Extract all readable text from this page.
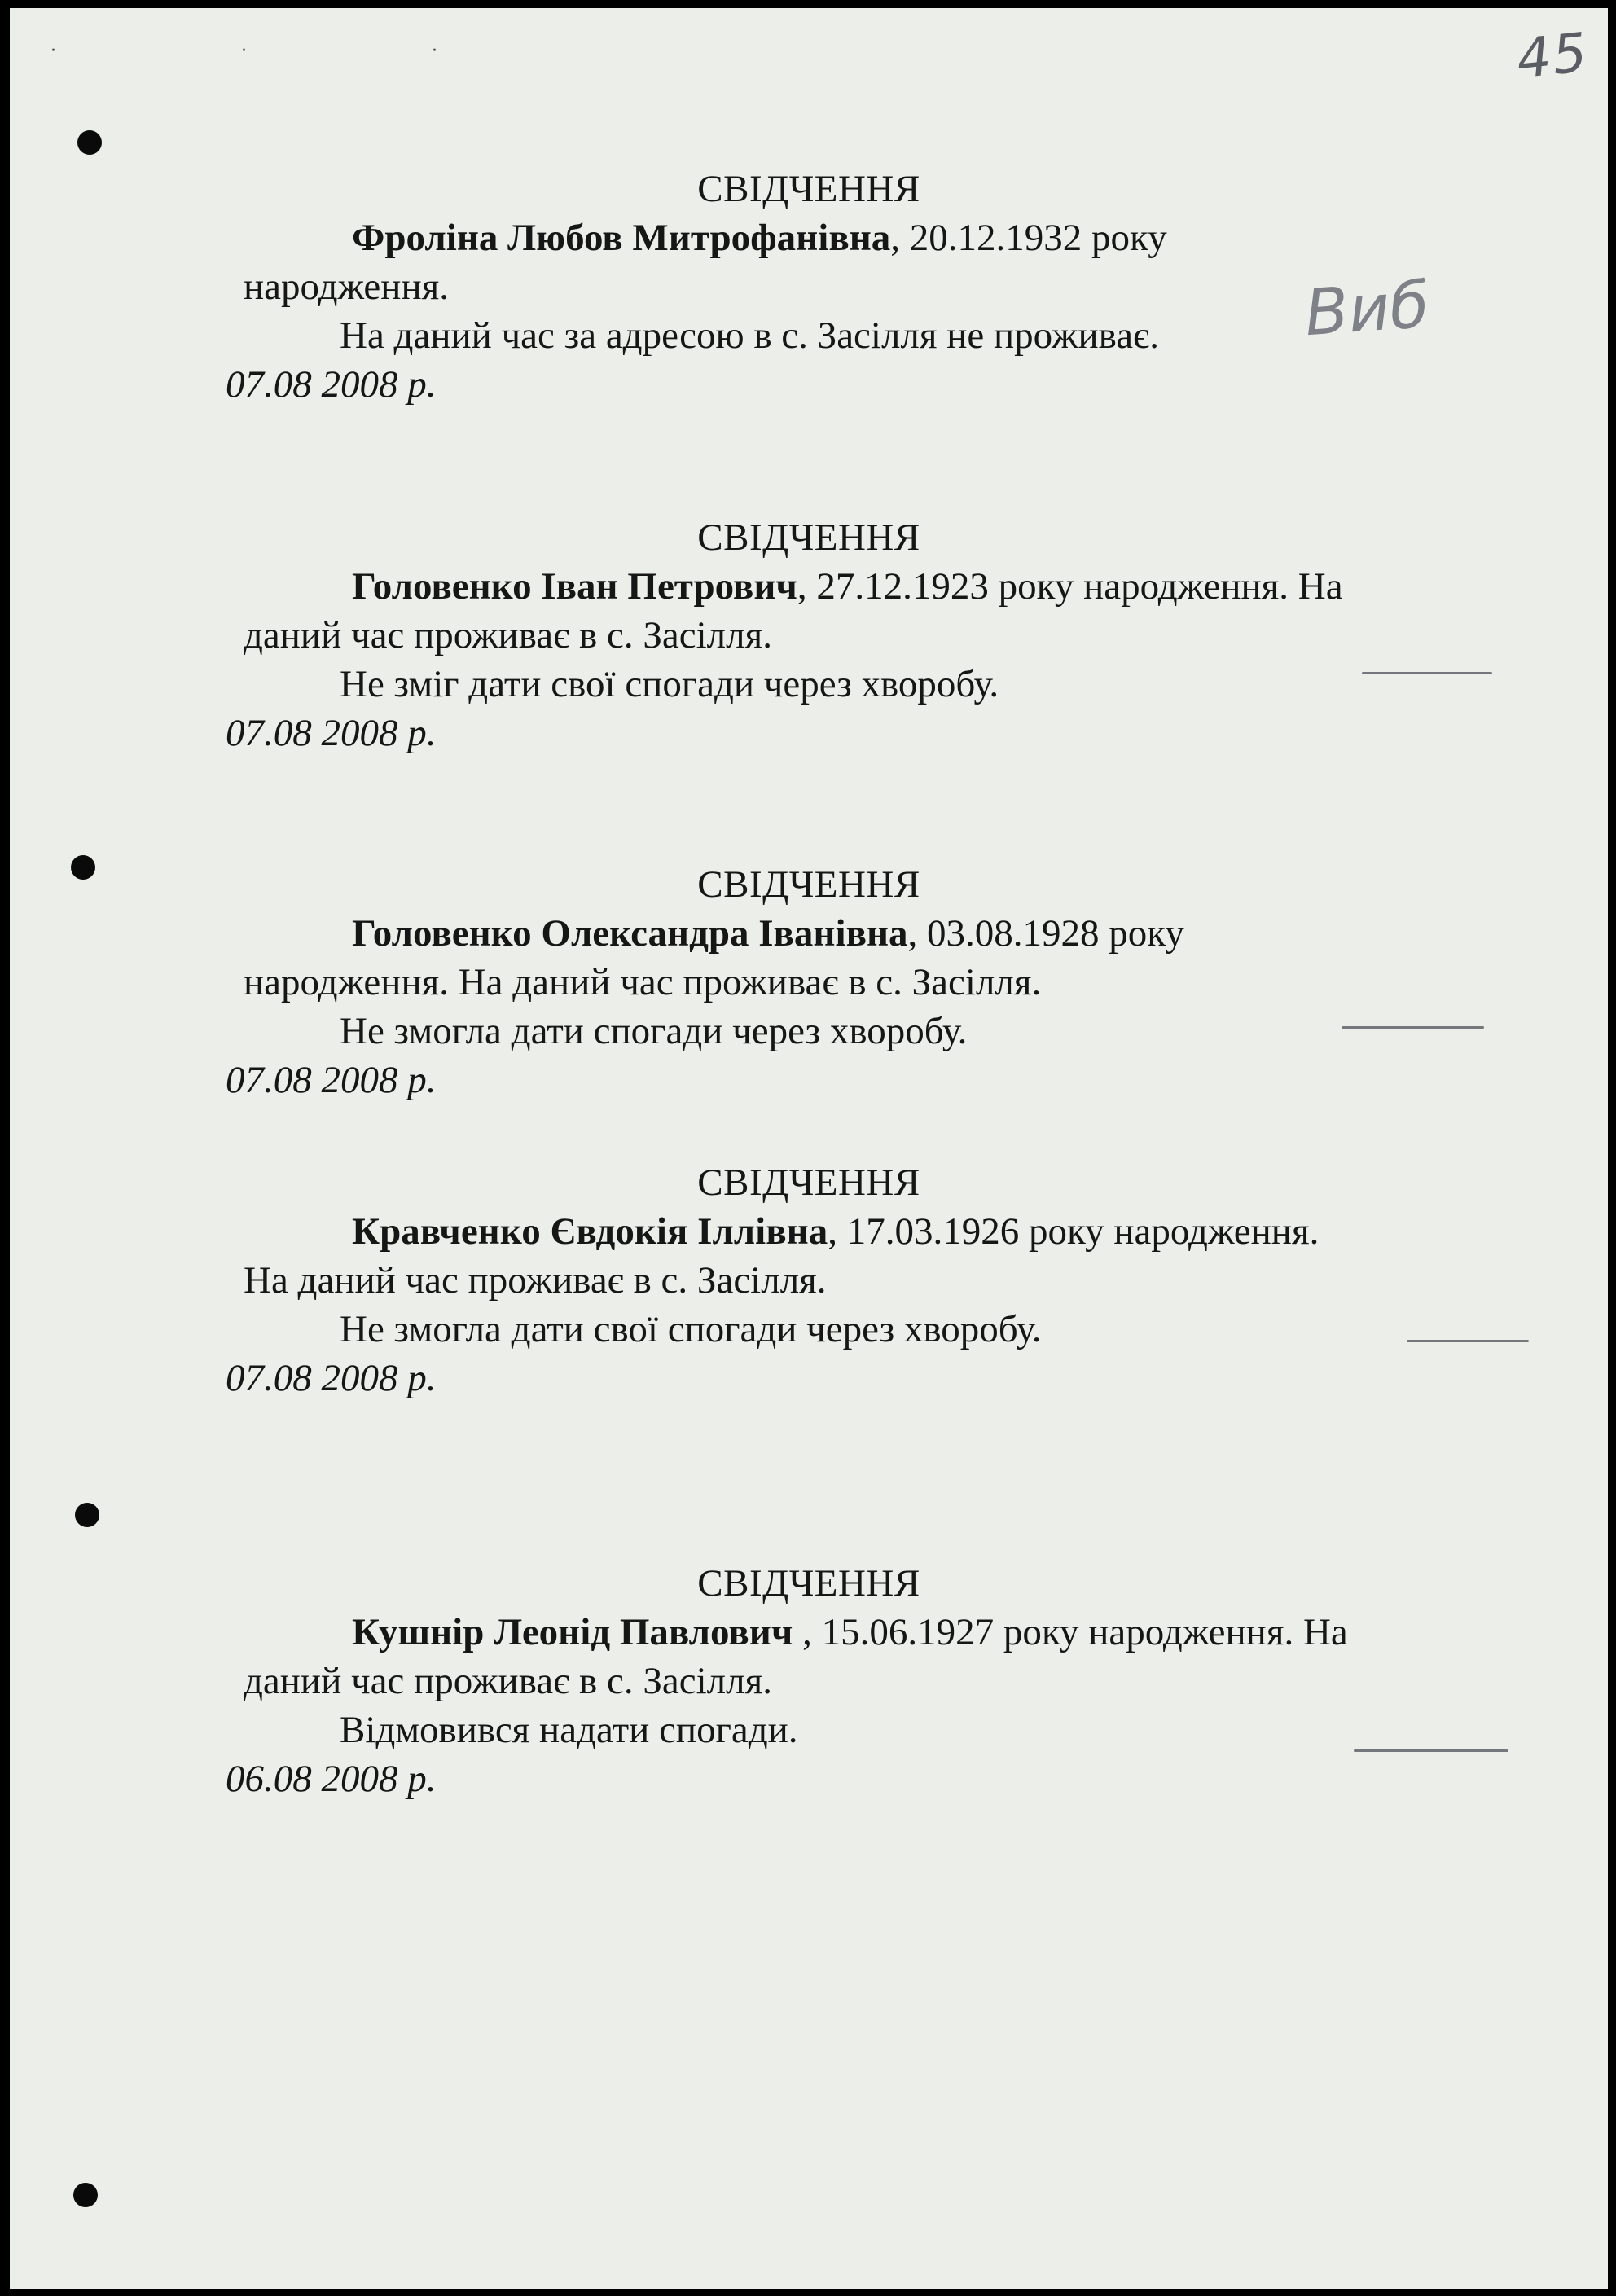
· · ·	45
Виб
СВІДЧЕННЯ
Фроліна Любов Митрофанівна, 20.12.1932 року
народження.
На даний час за адресою в с. Засілля не проживає.
07.08 2008 р.
СВІДЧЕННЯ
Головенко Іван Петрович, 27.12.1923 року народження. На
даний час проживає в с. Засілля.
Не зміг дати свої спогади через хворобу.
07.08 2008 р.
СВІДЧЕННЯ
Головенко Олександра Іванівна, 03.08.1928 року
народження. На даний час проживає в с. Засілля.
Не змогла дати спогади через хворобу.
07.08 2008 р.
СВІДЧЕННЯ
Кравченко Євдокія Іллівна, 17.03.1926 року народження.
На даний час проживає в с. Засілля.
Не змогла дати свої спогади через хворобу.
07.08 2008 р.
СВІДЧЕННЯ
Кушнір Леонід Павлович , 15.06.1927 року народження. На
даний час проживає в с. Засілля.
Відмовився надати спогади.
06.08 2008 р.
